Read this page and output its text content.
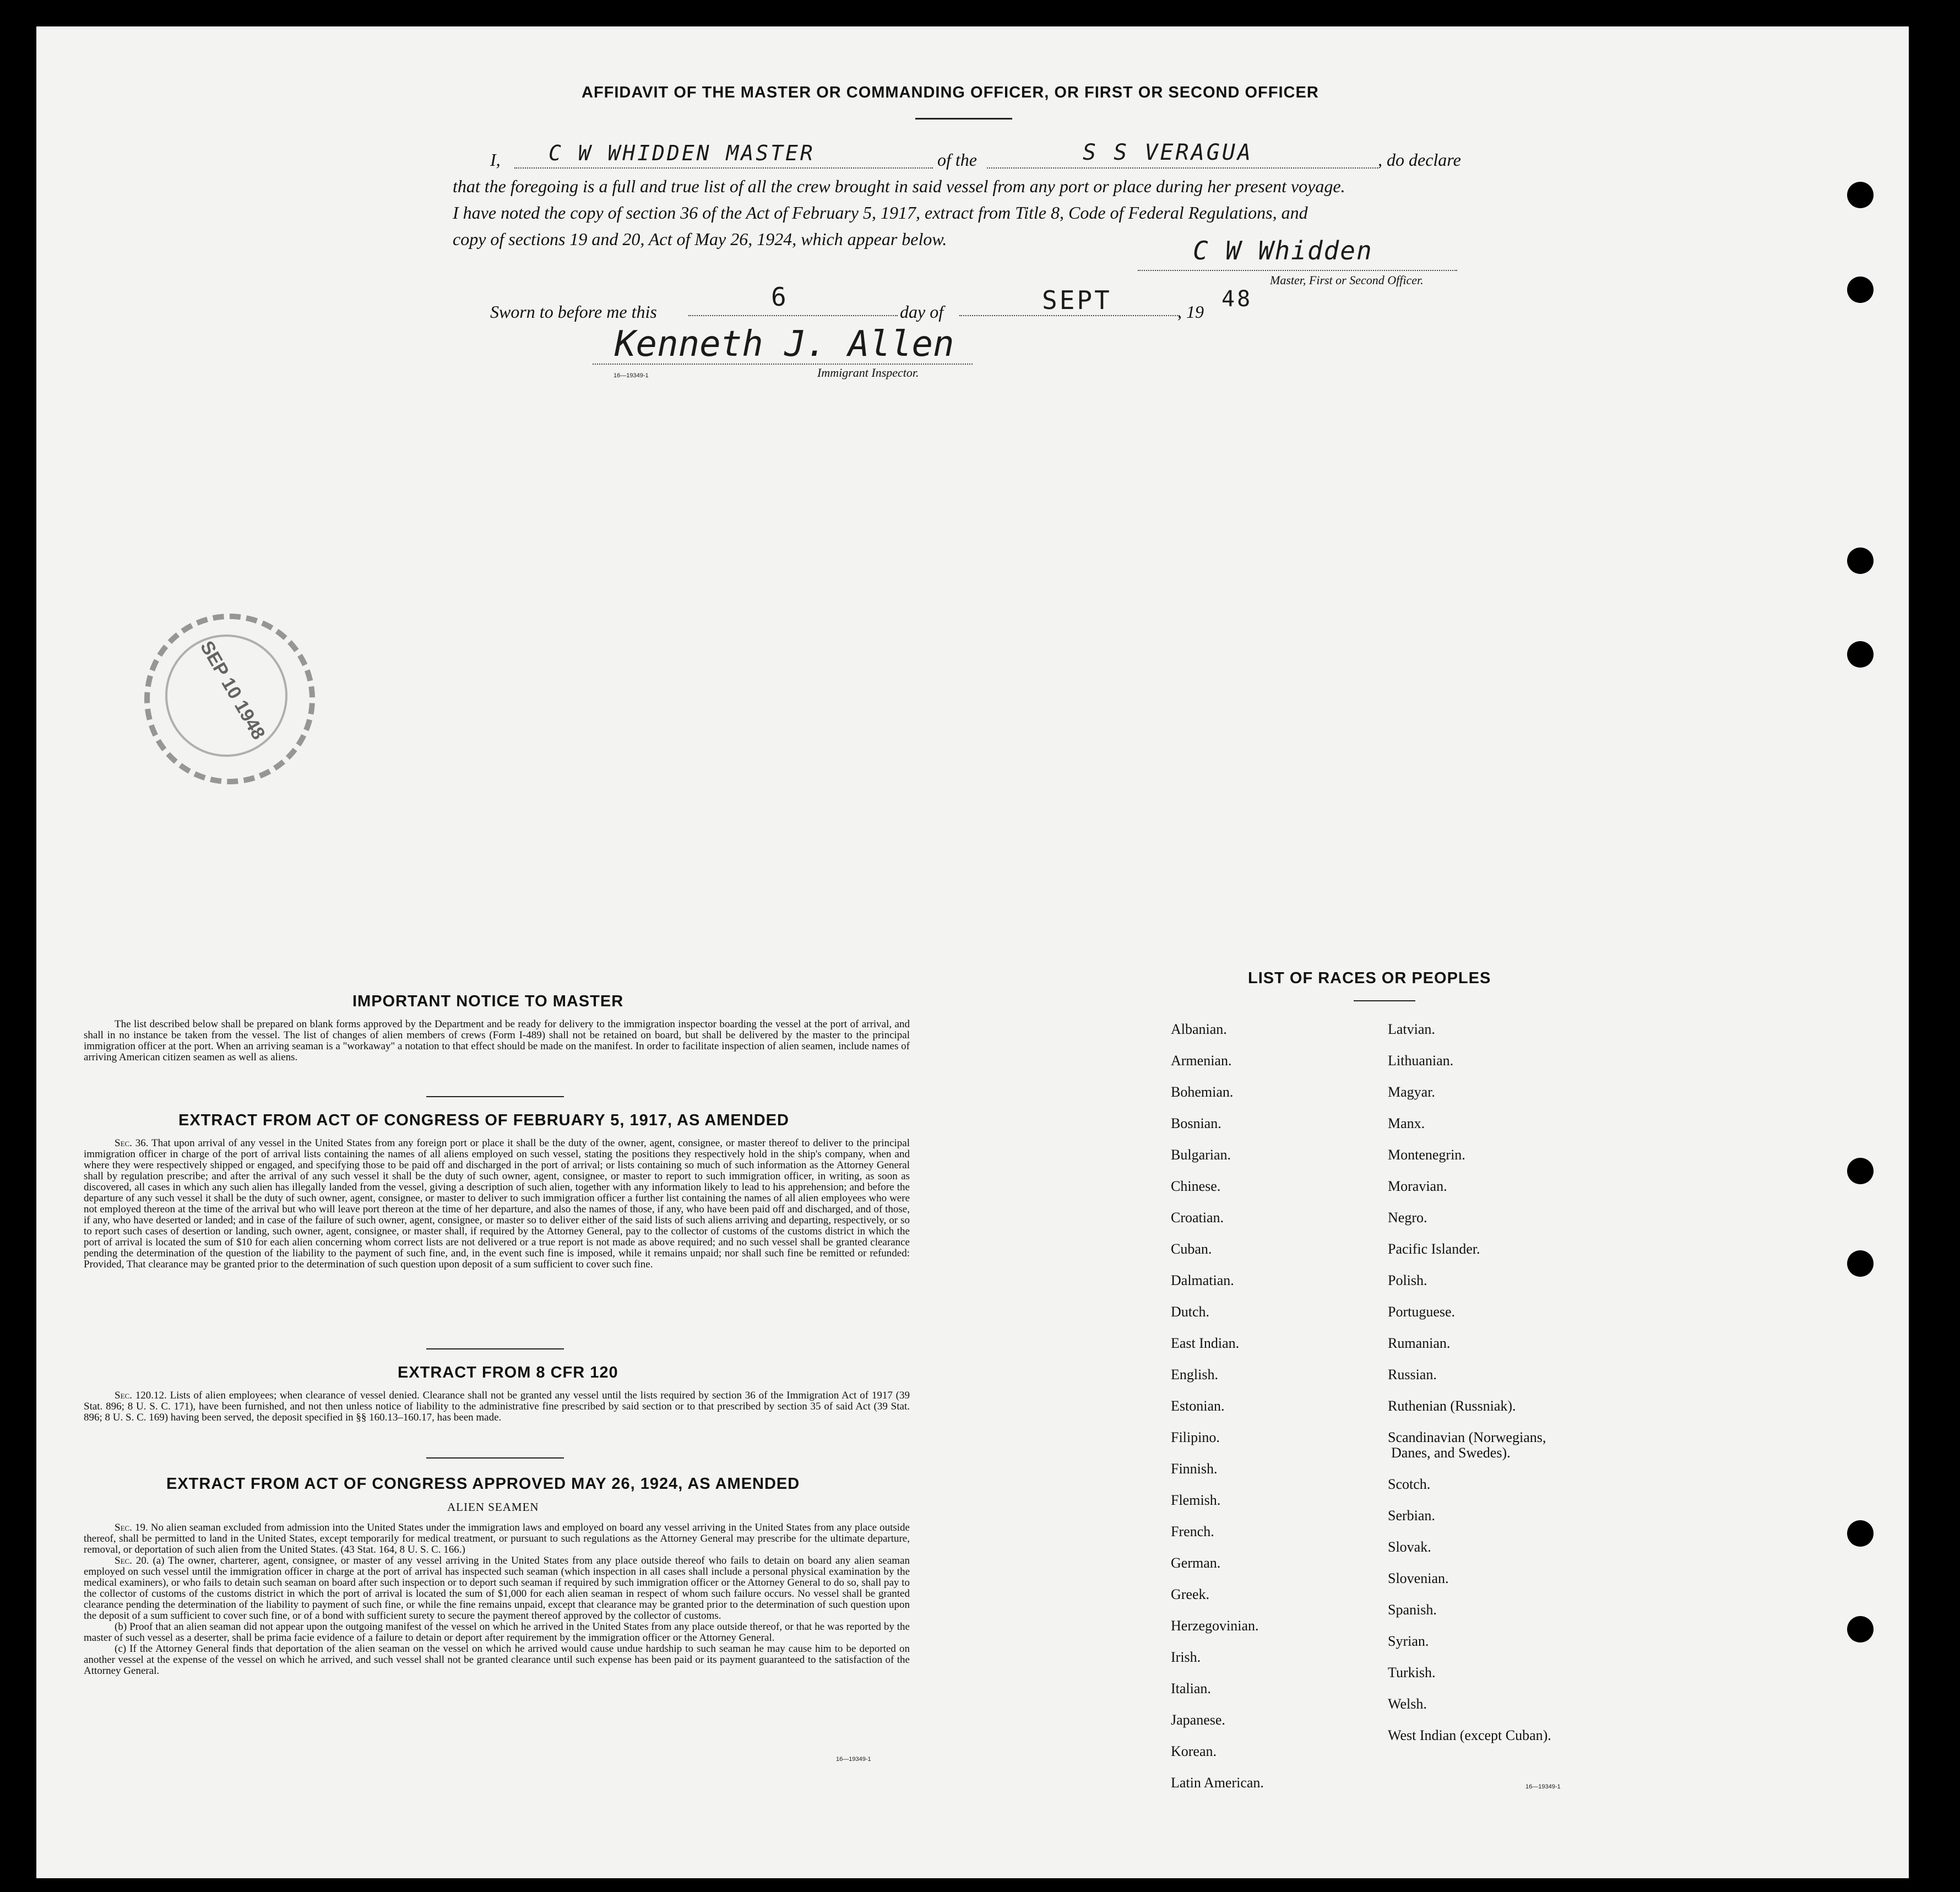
AFFIDAVIT OF THE MASTER OR COMMANDING OFFICER, OR FIRST OR SECOND OFFICER
I, C W WHIDDEN MASTER	of the	S S VERAGUA	, do declare
that the foregoing is a full and true list of all the crew brought in said vessel from any port or place during her present voyage.
I have noted the copy of section 36 of the Act of February 5, 1917, extract from Title 8, Code of Federal Regulations, and
copy of sections 19 and 20, Act of May 26, 1924, which appear below.	C W Whidden
Master, First or Second Officer.
Sworn to before me this	6	day of	SEPT	, 19 48
Kenneth J. Allen
Immigrant Inspector.
16—19349-1
SEP 10 1948
IMPORTANT NOTICE TO MASTER
The list described below shall be prepared on blank forms approved by the Department and be ready for delivery to the immigration inspector boarding the vessel at the port of arrival, and shall in no instance be taken from the vessel. The list of changes of alien members of crews (Form I-489) shall not be retained on board, but shall be delivered by the master to the principal immigration officer at the port. When an arriving seaman is a "workaway" a notation to that effect should be made on the manifest. In order to facilitate inspection of alien seamen, include names of arriving American citizen seamen as well as aliens.
EXTRACT FROM ACT OF CONGRESS OF FEBRUARY 5, 1917, AS AMENDED
Sec. 36. That upon arrival of any vessel in the United States from any foreign port or place it shall be the duty of the owner, agent, consignee, or master thereof to deliver to the principal immigration officer in charge of the port of arrival lists containing the names of all aliens employed on such vessel, stating the positions they respectively hold in the ship's company, when and where they were respectively shipped or engaged, and specifying those to be paid off and discharged in the port of arrival; or lists containing so much of such information as the Attorney General shall by regulation prescribe; and after the arrival of any such vessel it shall be the duty of such owner, agent, consignee, or master to report to such immigration officer, in writing, as soon as discovered, all cases in which any such alien has illegally landed from the vessel, giving a description of such alien, together with any information likely to lead to his apprehension; and before the departure of any such vessel it shall be the duty of such owner, agent, consignee, or master to deliver to such immigration officer a further list containing the names of all alien employees who were not employed thereon at the time of the arrival but who will leave port thereon at the time of her departure, and also the names of those, if any, who have been paid off and discharged, and of those, if any, who have deserted or landed; and in case of the failure of such owner, agent, consignee, or master so to deliver either of the said lists of such aliens arriving and departing, respectively, or so to report such cases of desertion or landing, such owner, agent, consignee, or master shall, if required by the Attorney General, pay to the collector of customs of the customs district in which the port of arrival is located the sum of $10 for each alien concerning whom correct lists are not delivered or a true report is not made as above required; and no such vessel shall be granted clearance pending the determination of the question of the liability to the payment of such fine, and, in the event such fine is imposed, while it remains unpaid; nor shall such fine be remitted or refunded: Provided, That clearance may be granted prior to the determination of such question upon deposit of a sum sufficient to cover such fine.
EXTRACT FROM 8 CFR 120
Sec. 120.12. Lists of alien employees; when clearance of vessel denied. Clearance shall not be granted any vessel until the lists required by section 36 of the Immigration Act of 1917 (39 Stat. 896; 8 U. S. C. 171), have been furnished, and not then unless notice of liability to the administrative fine prescribed by said section or to that prescribed by section 35 of said Act (39 Stat. 896; 8 U. S. C. 169) having been served, the deposit specified in §§ 160.13–160.17, has been made.
EXTRACT FROM ACT OF CONGRESS APPROVED MAY 26, 1924, AS AMENDED
ALIEN SEAMEN

Sec. 19. No alien seaman excluded from admission into the United States under the immigration laws and employed on board any vessel arriving in the United States from any place outside thereof, shall be permitted to land in the United States, except temporarily for medical treatment, or pursuant to such regulations as the Attorney General may prescribe for the ultimate departure, removal, or deportation of such alien from the United States. (43 Stat. 164, 8 U. S. C. 166.)

Sec. 20. (a) The owner, charterer, agent, consignee, or master of any vessel arriving in the United States from any place outside thereof who fails to detain on board any alien seaman employed on such vessel until the immigration officer in charge at the port of arrival has inspected such seaman (which inspection in all cases shall include a personal physical examination by the medical examiners), or who fails to detain such seaman on board after such inspection or to deport such seaman if required by such immigration officer or the Attorney General to do so, shall pay to the collector of customs of the customs district in which the port of arrival is located the sum of $1,000 for each alien seaman in respect of whom such failure occurs. No vessel shall be granted clearance pending the determination of the liability to payment of such fine, or while the fine remains unpaid, except that clearance may be granted prior to the determination of such question upon the deposit of a sum sufficient to cover such fine, or of a bond with sufficient surety to secure the payment thereof approved by the collector of customs.

(b) Proof that an alien seaman did not appear upon the outgoing manifest of the vessel on which he arrived in the United States from any place outside thereof, or that he was reported by the master of such vessel as a deserter, shall be prima facie evidence of a failure to detain or deport after requirement by the immigration officer or the Attorney General.

(c) If the Attorney General finds that deportation of the alien seaman on the vessel on which he arrived would cause undue hardship to such seaman he may cause him to be deported on another vessel at the expense of the vessel on which he arrived, and such vessel shall not be granted clearance until such expense has been paid or its payment guaranteed to the satisfaction of the Attorney General.

16—19349-1
LIST OF RACES OR PEOPLES
Albanian.
Armenian.
Bohemian.
Bosnian.
Bulgarian.
Chinese.
Croatian.
Cuban.
Dalmatian.
Dutch.
East Indian.
English.
Estonian.
Filipino.
Finnish.
Flemish.
French.
German.
Greek.
Herzegovinian.
Irish.
Italian.
Japanese.
Korean.
Latin American.
Latvian.
Lithuanian.
Magyar.
Manx.
Montenegrin.
Moravian.
Negro.
Pacific Islander.
Polish.
Portuguese.
Rumanian.
Russian.
Ruthenian (Russniak).
Scandinavian (Norwegians,
Danes, and Swedes).
Scotch.
Serbian.
Slovak.
Slovenian.
Spanish.
Syrian.
Turkish.
Welsh.
West Indian (except Cuban).
16—19349-1
